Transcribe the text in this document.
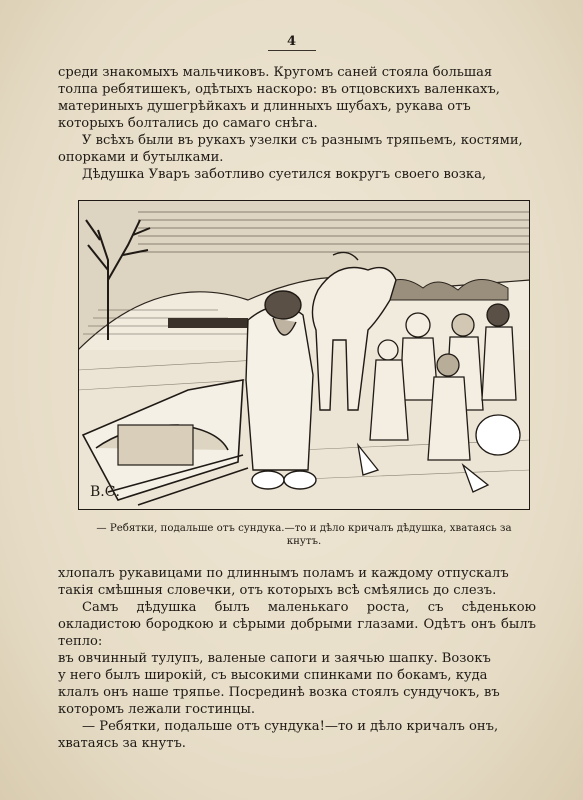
4

среди знакомыхъ мальчиковъ. Кругомъ саней стояла большая

толпа ребятишекъ, одѣтыхъ наскоро: въ отцовскихъ валенкахъ,

материныхъ душегрѣйкахъ и длинныхъ шубахъ, рукава отъ

которыхъ болтались до самаго снѣга.

У всѣхъ были въ рукахъ узелки съ разнымъ тряпьемъ, костями,

опорками и бутылками.

Дѣдушка Уваръ заботливо суетился вокругъ своего возка,

В.С.
— Ребятки, подальше отъ сундука.—то и дѣло кричалъ дѣдушка, хватаясь за кнутъ.

хлопалъ рукавицами по длиннымъ поламъ и каждому отпускалъ

такія смѣшныя словечки, отъ которыхъ всѣ смѣялись до слезъ.

Самъ дѣдушка былъ маленькаго роста, съ сѣденькою окладистою бородкою и сѣрыми добрыми глазами. Одѣтъ онъ былъ тепло:

въ овчинный тулупъ, валеные сапоги и заячью шапку. Возокъ

у него былъ широкій, съ высокими спинками по бокамъ, куда

клалъ онъ наше тряпье. Посрединѣ возка стоялъ сундучокъ, въ

которомъ лежали гостинцы.

— Ребятки, подальше отъ сундука!—то и дѣло кричалъ онъ,

хватаясь за кнутъ.
